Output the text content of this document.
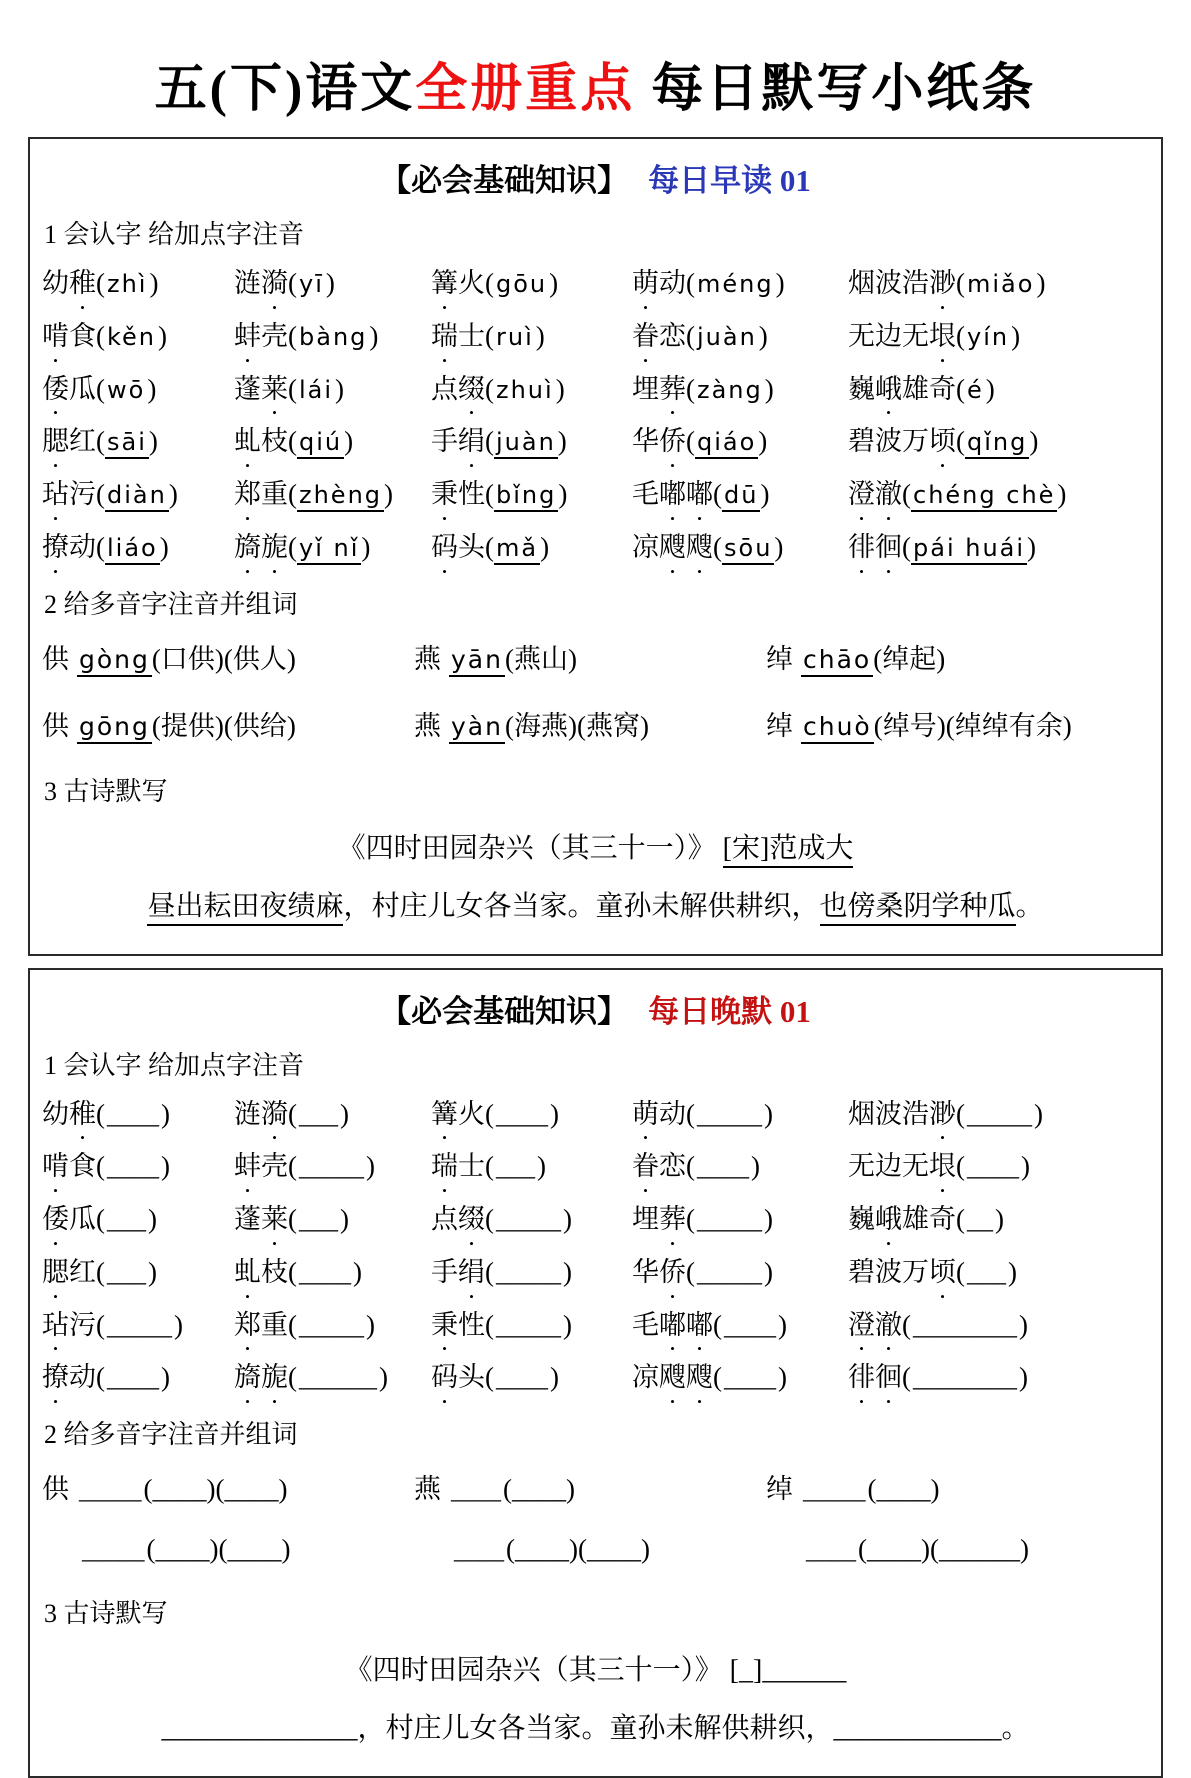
五(下)语文全册重点 每日默写小纸条
【必会基础知识】 每日早读 01
1 会认字 给加点字注音
幼稚(zhì)	涟漪(yī)	篝火(gōu)	萌动(méng)	烟波浩渺(miǎo)
啃食(kěn)	蚌壳(bàng)	瑞士(ruì)	眷恋(juàn)	无边无垠(yín)
倭瓜(wō)	蓬莱(lái)	点缀(zhuì)	埋葬(zàng)	巍峨雄奇(é)
腮红(sāi)	虬枝(qiú)	手绢(juàn)	华侨(qiáo)	碧波万顷(qǐng)
玷污(diàn)	郑重(zhèng)	秉性(bǐng)	毛嘟嘟(dū)	澄澈(chéng chè)
撩动(liáo)	旖旎(yǐ nǐ)	码头(mǎ)	凉飕飕(sōu)	徘徊(pái huái)
2 给多音字注音并组词
供 gòng(口供)(供人)	燕 yān(燕山)	绰 chāo(绰起)
供 gōng(提供)(供给)	燕 yàn(海燕)(燕窝)	绰 chuò(绰号)(绰绰有余)
3 古诗默写
《四时田园杂兴（其三十一）》 [宋]范成大
昼出耘田夜绩麻，村庄儿女各当家。童孙未解供耕织，也傍桑阴学种瓜。
【必会基础知识】 每日晚默 01
1 会认字 给加点字注音
幼稚(____)	涟漪(___)	篝火(____)	萌动(_____)	烟波浩渺(_____)
啃食(____)	蚌壳(_____)	瑞士(___)	眷恋(____)	无边无垠(____)
倭瓜(___)	蓬莱(___)	点缀(_____)	埋葬(_____)	巍峨雄奇(__)
腮红(___)	虬枝(____)	手绢(_____)	华侨(_____)	碧波万顷(___)
玷污(_____)	郑重(_____)	秉性(_____)	毛嘟嘟(____)	澄澈(________)
撩动(____)	旖旎(______)	码头(____)	凉飕飕(____)	徘徊(________)
2 给多音字注音并组词
供 _____(____)(____)	燕 ____(____)	绰 _____(____)
_____(____)(____)	____(____)(____)	____(____)(______)
3 古诗默写
《四时田园杂兴（其三十一）》 [_]______
______________，村庄儿女各当家。童孙未解供耕织，____________。
